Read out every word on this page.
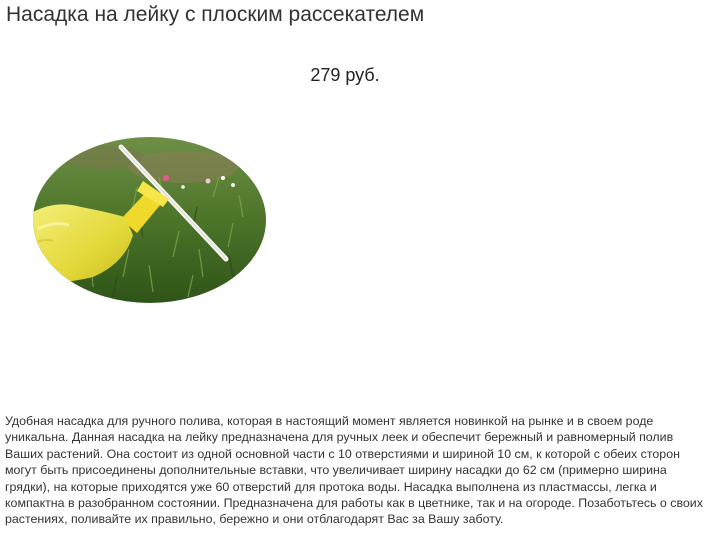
Насадка на лейку с плоским рассекателем
279 руб.

Удобная насадка для ручного полива, которая в настоящий момент является новинкой на рынке и в своем роде уникальна. Данная насадка на лейку предназначена для ручных леек и обеспечит бережный и равномерный полив Ваших растений. Она состоит из одной основной части с 10 отверстиями и шириной 10 см, к которой с обеих сторон могут быть присоединены дополнительные вставки, что увеличивает ширину насадки до 62 см (примерно ширина грядки), на которые приходятся уже 60 отверстий для протока воды. Насадка выполнена из пластмассы, легка и компактна в разобранном состоянии. Предназначена для работы как в цветнике, так и на огороде. Позаботьтесь о своих растениях, поливайте их правильно, бережно и они отблагодарят Вас за Вашу заботу.
